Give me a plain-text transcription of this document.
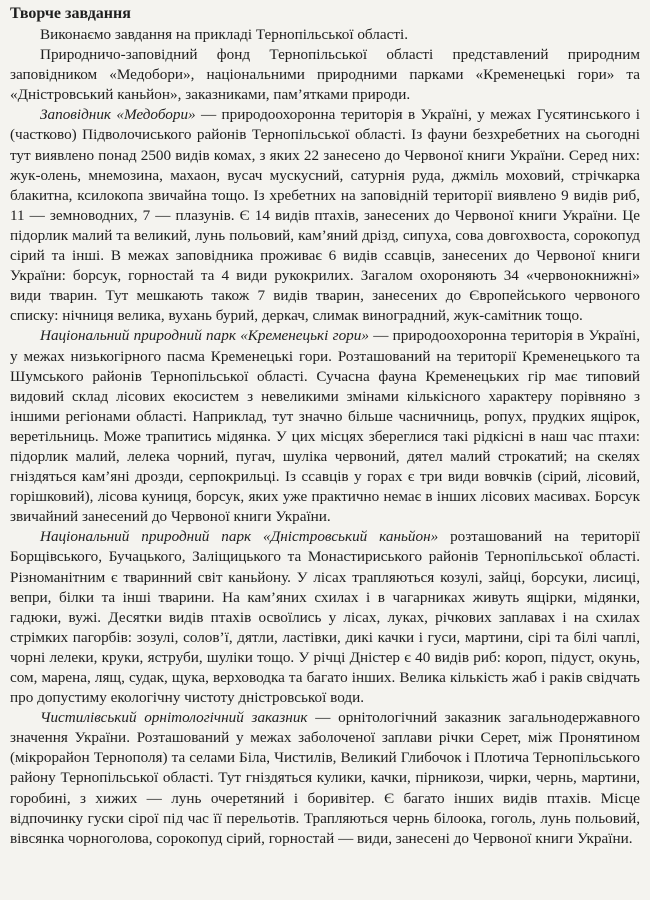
Творче завдання

Виконаємо завдання на прикладі Тернопільської області.

Природничо-заповідний фонд Тернопільської області представлений природним заповідником «Медобори», національними природними парками «Кременецькі гори» та «Дністровський каньйон», заказниками, пам’ятками природи.

Заповідник «Медобори» — природоохоронна територія в Україні, у межах Гусятинського і (частково) Підволочиського районів Тернопільської області. Із фауни безхребетних на сьогодні тут виявлено понад 2500 видів комах, з яких 22 занесено до Червоної книги України. Серед них: жук-олень, мнемозина, махаон, вусач мускусний, сатурнія руда, джміль моховий, стрічкарка блакитна, ксилокопа звичайна тощо. Із хребетних на заповідній території виявлено 9 видів риб, 11 — земноводних, 7 — плазунів. Є 14 видів птахів, занесених до Червоної книги України. Це підорлик малий та великий, лунь польовий, кам’яний дрізд, сипуха, сова довгохвоста, сорокопуд сірий та інші. В межах заповідника проживає 6 видів ссавців, занесених до Червоної книги України: борсук, горностай та 4 види рукокрилих. Загалом охороняють 34 «червонокнижні» види тварин. Тут мешкають також 7 видів тварин, занесених до Європейського червоного списку: нічниця велика, вухань бурий, деркач, слимак виноградний, жук-самітник тощо.

Національний природний парк «Кременецькі гори» — природоохоронна територія в Україні, у межах низькогірного пасма Кременецькі гори. Розташований на території Кременецького та Шумського районів Тернопільської області. Сучасна фауна Кременецьких гір має типовий видовий склад лісових екосистем з невеликими змінами кількісного характеру порівняно з іншими регіонами області. Наприклад, тут значно більше часничниць, ропух, прудких ящірок, веретільниць. Може трапитись мідянка. У цих місцях збереглися такі рідкісні в наш час птахи: підорлик малий, лелека чорний, пугач, шуліка червоний, дятел малий строкатий; на скелях гніздяться кам’яні дрозди, серпокрильці. Із ссавців у горах є три види вовчків (сірий, лісовий, горішковий), лісова куниця, борсук, яких уже практично немає в інших лісових масивах. Борсук звичайний занесений до Червоної книги України.

Національний природний парк «Дністровський каньйон» розташований на території Борщівського, Бучацького, Заліщицького та Монастириського районів Тернопільської області. Різноманітним є тваринний світ каньйону. У лісах трапляються козулі, зайці, борсуки, лисиці, вепри, білки та інші тварини. На кам’яних схилах і в чагарниках живуть ящірки, мідянки, гадюки, вужі. Десятки видів птахів освоїлись у лісах, луках, річкових заплавах і на схилах стрімких пагорбів: зозулі, солов’ї, дятли, ластівки, дикі качки і гуси, мартини, сірі та білі чаплі, чорні лелеки, круки, яструби, шуліки тощо. У річці Дністер є 40 видів риб: короп, підуст, окунь, сом, марена, лящ, судак, щука, верховодка та багато інших. Велика кількість жаб і раків свідчать про допустиму екологічну чистоту дністровської води.

Чистилівський орнітологічний заказник — орнітологічний заказник загальнодержавного значення України. Розташований у межах заболоченої заплави річки Серет, між Пронятином (мікрорайон Тернополя) та селами Біла, Чистилів, Великий Глибочок і Плотича Тернопільського району Тернопільської області. Тут гніздяться кулики, качки, пірникози, чирки, чернь, мартини, горобині, з хижих — лунь очеретяний і боривітер. Є багато інших видів птахів. Місце відпочинку гуски сірої під час її перельотів. Трапляються чернь білоока, гоголь, лунь польовий, вівсянка чорноголова, сорокопуд сірий, горностай — види, занесені до Червоної книги України.
